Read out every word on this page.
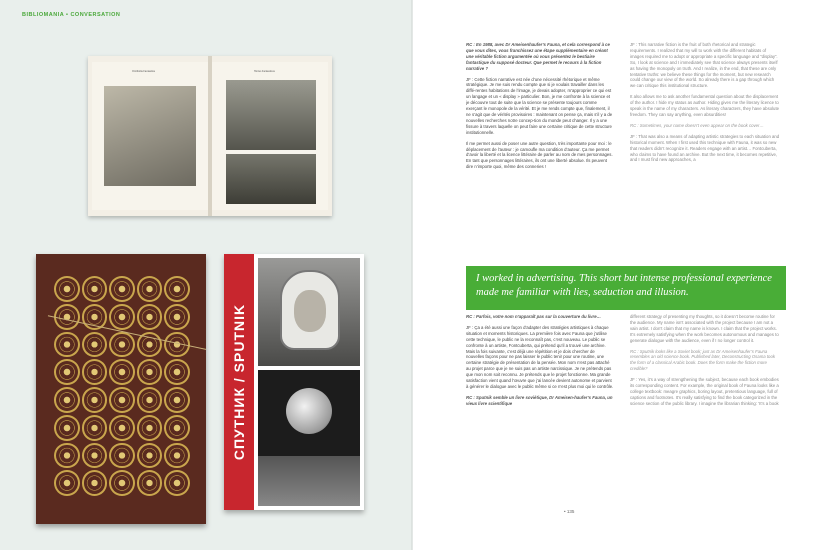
BIBLIOMANIA • CONVERSATION
Ornitholia Fantastica	Hortus Fantasticus
СПУТНИК / SPUTNIK

RC : En 1988, avec Dr Ameisenhaufer’s Fauna, et cela correspond à ce que vous dites, vous franchissez une étape supplémentaire en créant une véritable fiction argumentée où vous présentez le bestiaire fantastique du supposé docteur. Que permet le recours à la fiction narrative ?

JF : Cette fiction narrative est née d’une nécessité rhétorique et même stratégique. Je me suis rendu compte que si je voulais travailler dans les diffé-rentes habitations de l’image, je devais adopter, m’approprier ce qui est un langage et un « display » particulier. Bon, je me confronte à la science et je découvre tout de suite que la science se présente toujours comme exerçant le monopole de la vérité. Et je me rends compte que, finalement, il ne s’agit que de vérités provisoires : maintenant on pense ça, mais s’il y a de nouvelles recherches notre concep-tion du monde peut changer. Il y a une fissure à travers laquelle on peut faire une certaine critique de cette structure institutionnelle.

Il me permet aussi de poser une autre question, très importante pour moi : le déplacement de l’auteur : je camoufle ma condition d’auteur. Ça me permet d’avoir la liberté et la licence littéraire de parler au nom de mes personnages. En tant que personnages littéraires, ils ont une liberté absolue. Ils peuvent dire n’importe quoi, même des conneries !

JF : This narrative fiction is the fruit of both rhetorical and strategic requirements. I realized that my will to work with the different habitats of images required me to adopt or appropriate a specific language and “display”. So, I look at science and I immediately see that science always presents itself as having the monopoly on truth. And I realize, in the end, that these are only tentative truths: we believe these things for the moment, but new research could change our view of the world. So already there is a gap through which we can critique this institutional structure.

It also allows me to ask another fundamental question about the displacement of the author. I hide my status as author. Hiding gives me the literary licence to speak in the name of my characters. As literary characters, they have absolute freedom. They can say anything, even absurdities!

RC : Sometimes, your name doesn’t even appear on the book cover…

JF : That was also a means of adapting artistic strategies to each situation and historical moment. When I first used this technique with Fauna, it was so new that readers didn’t recognize it. Readers engage with an artist… Fontcuberta, who claims to have found an archive. But the next time, it becomes repetitive, and I must find new approaches, a

I worked in advertising. This short but intense professional experience made me familiar with lies, seduction and illusion.

RC : Parfois, votre nom n’apparaît pas sur la couverture du livre…

JF : Ça a été aussi une façon d’adapter des stratégies artistiques à chaque situation et moments historiques. La première fois avec Fauna que j’utilise cette technique, le public ne la reconnaît pas, c’est nouveau. Le public se confronte à un artiste, Fontcuberta, qui prétend qu’il a trouvé une archive. Mais la fois suivante, c’est déjà une répétition et je dois chercher de nouvelles façons pour ne pas laisser le public tenir pour une routine, une certaine stratégie de présentation de la pensée. Mon nom n’est pas attaché au projet parce que je ne suis pas un artiste narcissique. Je ne prétends pas que mon nom soit reconnu. Je prétends que le projet fonctionne. Ma grande satisfaction vient quand l’œuvre que j’ai lancée devient autonome et parvient à générer le dialogue avec le public même si ce n’est plus moi qui le contrôle.

RC : Sputnik semble un livre soviétique, Dr Ameisen-haufer’s Fauna, un vieux livre scientifique

different strategy of presenting my thoughts, so it doesn’t become routine for the audience. My name isn’t associated with the project because I am not a vain artist. I don’t claim that my name is known. I claim that the project works. It’s extremely satisfying when the work becomes autonomous and manages to generate dialogue with the audience, even if I no longer control it.

RC : Sputnik looks like a Soviet book; just as Dr Ameisenhaufer’s Fauna resembles an old science book. Published later, Deconstructing Osama took the form of a classical Arabic book. Does the form make the fiction more credible?

JF : Yes, it’s a way of strengthening the subject, because each book embodies its corresponding content. For example, the original book of Fauna looks like a college textbook: meagre graphics, boring layout, pretentious language, full of captions and footnotes. It’s really satisfying to find the book categorized in the science section of the public library. I imagine the librarian thinking: ‘It’s a book

• 135
